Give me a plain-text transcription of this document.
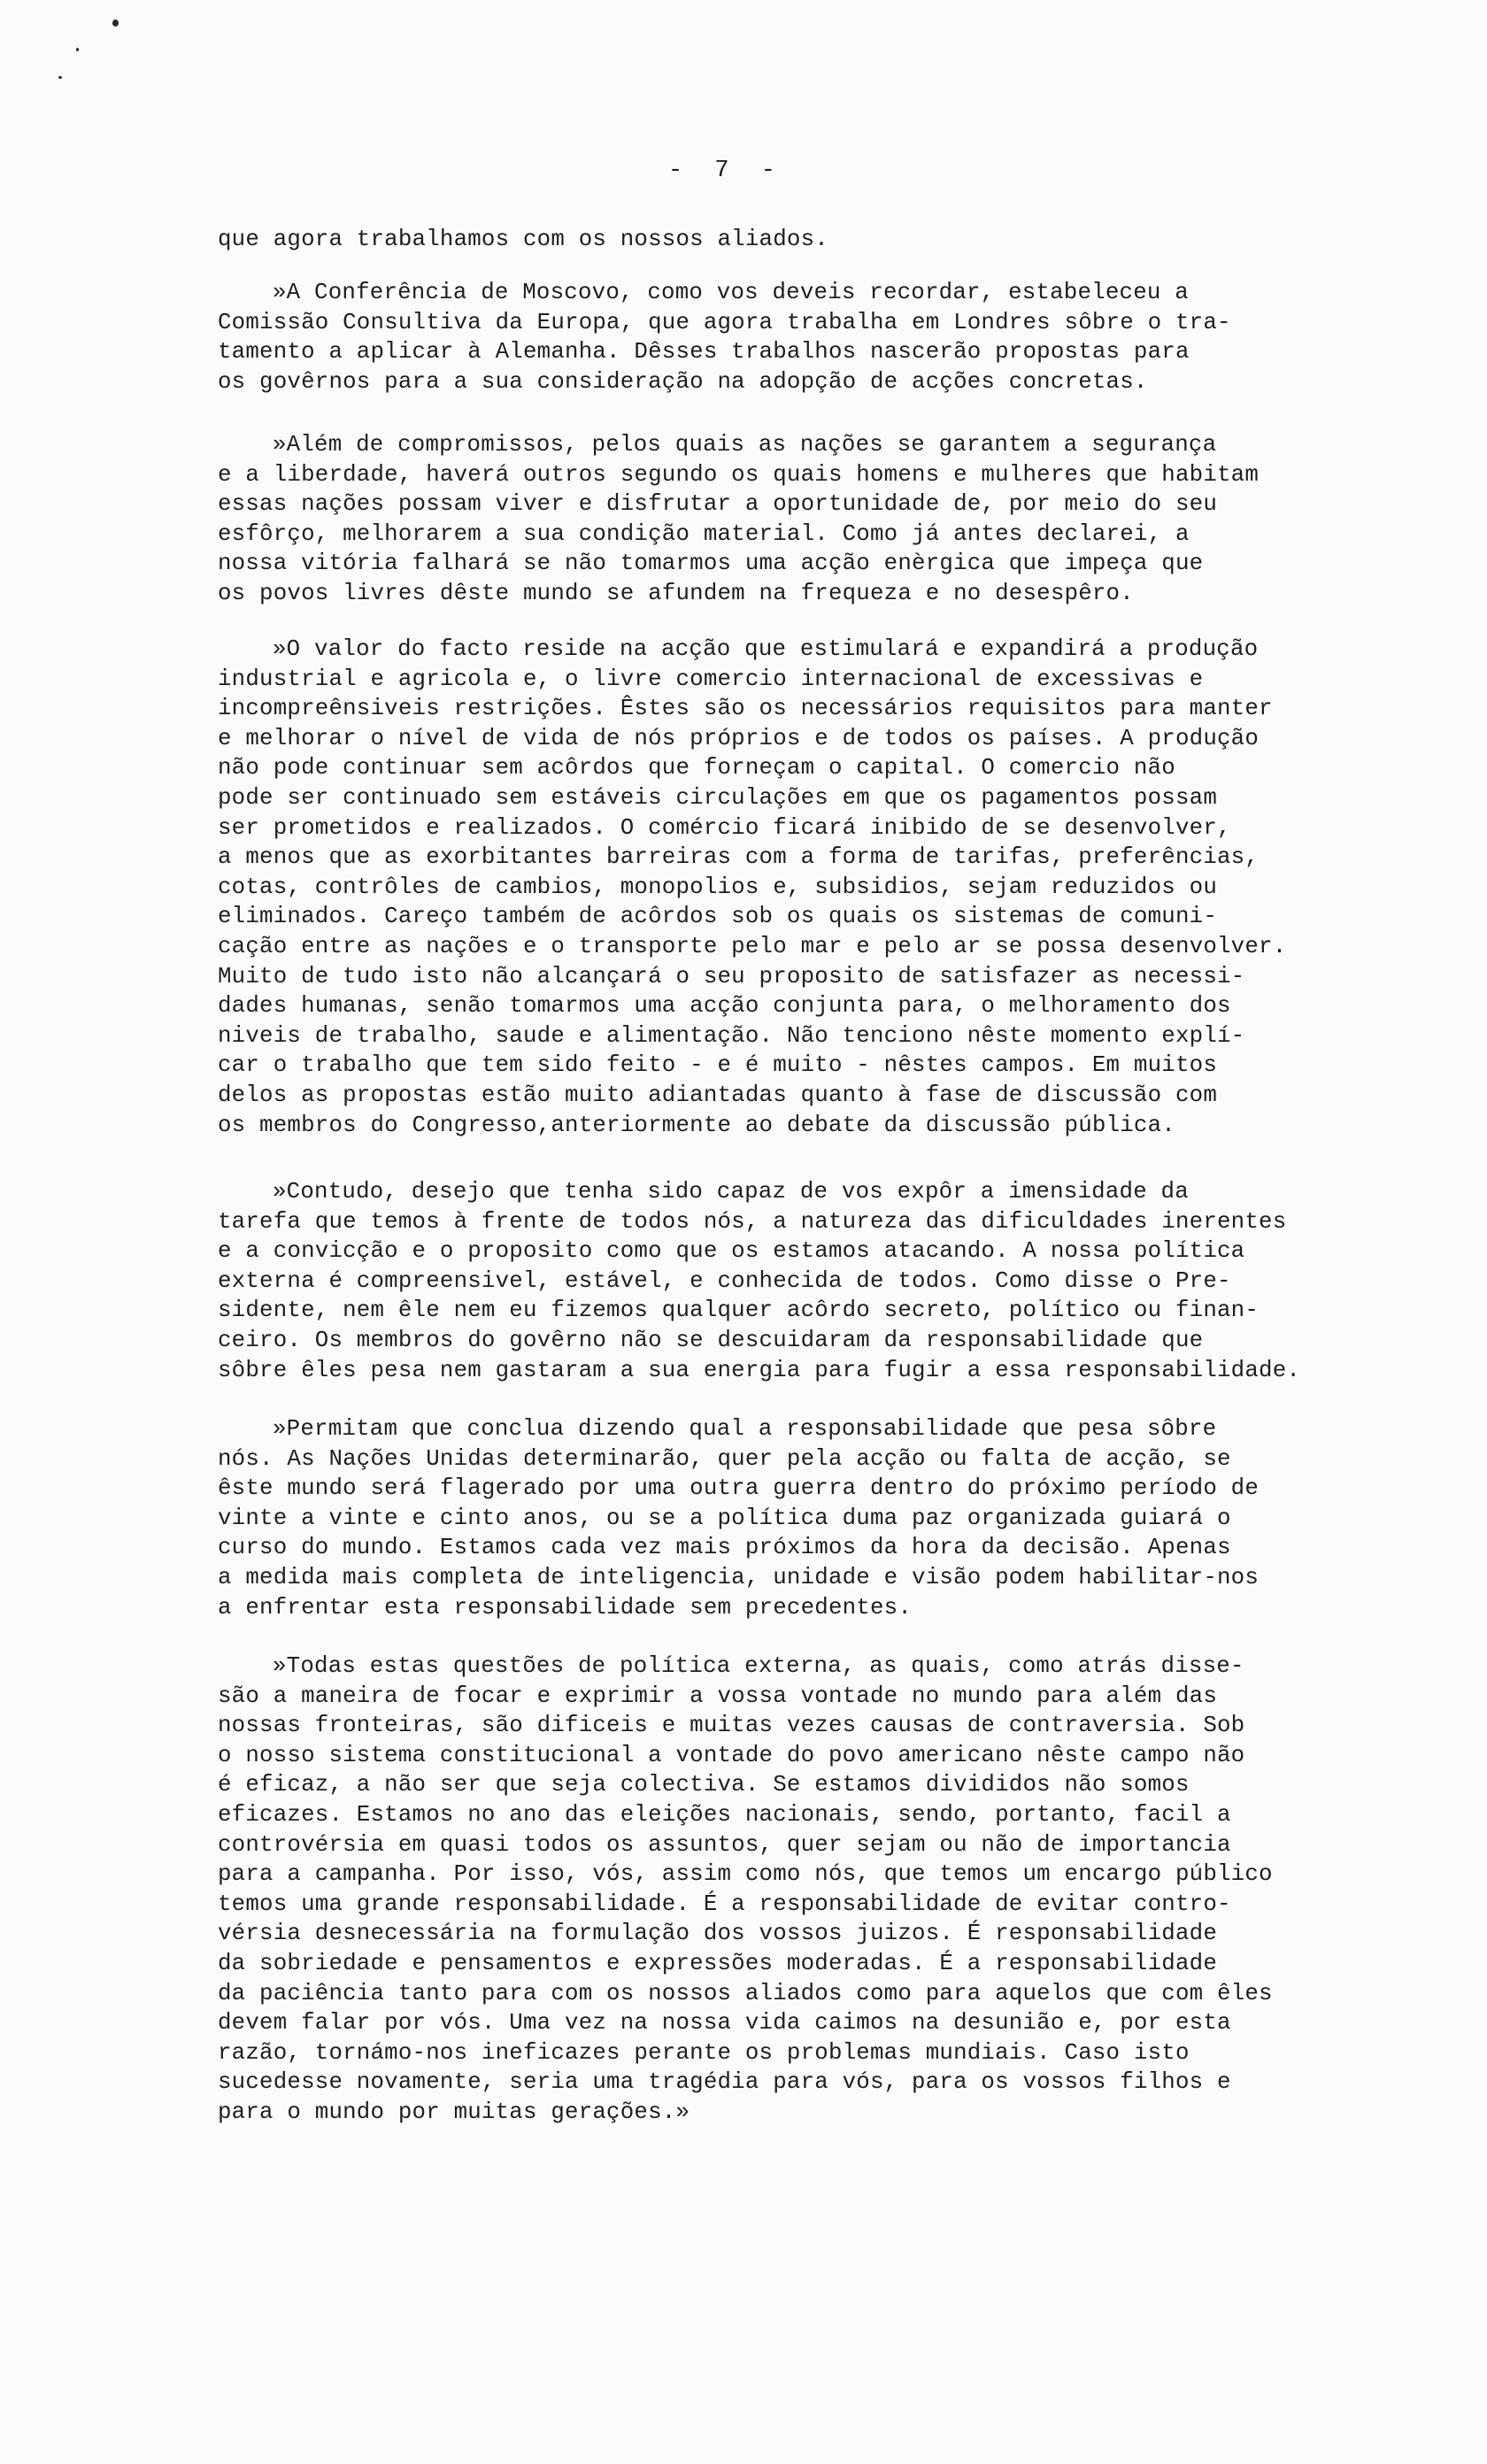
- 7 -
que agora trabalhamos com os nossos aliados.
»A Conferência de Moscovo, como vos deveis recordar, estabeleceu a
Comissão Consultiva da Europa, que agora trabalha em Londres sôbre o tra-
tamento a aplicar à Alemanha. Dêsses trabalhos nascerão propostas para
os govêrnos para a sua consideração na adopção de acções concretas.
»Além de compromissos, pelos quais as nações se garantem a segurança
e a liberdade, haverá outros segundo os quais homens e mulheres que habitam
essas nações possam viver e disfrutar a oportunidade de, por meio do seu
esfôrço, melhorarem a sua condição material. Como já antes declarei, a
nossa vitória falhará se não tomarmos uma acção enèrgica que impeça que
os povos livres dêste mundo se afundem na frequeza e no desespêro.
»O valor do facto reside na acção que estimulará e expandirá a produção
industrial e agricola e, o livre comercio internacional de excessivas e
incompreênsiveis restrições. Êstes são os necessários requisitos para manter
e melhorar o nível de vida de nós próprios e de todos os países. A produção
não pode continuar sem acôrdos que forneçam o capital. O comercio não
pode ser continuado sem estáveis circulações em que os pagamentos possam
ser prometidos e realizados. O comércio ficará inibido de se desenvolver,
a menos que as exorbitantes barreiras com a forma de tarifas, preferências,
cotas, contrôles de cambios, monopolios e, subsidios, sejam reduzidos ou
eliminados. Careço também de acôrdos sob os quais os sistemas de comuni-
cação entre as nações e o transporte pelo mar e pelo ar se possa desenvolver.
Muito de tudo isto não alcançará o seu proposito de satisfazer as necessi-
dades humanas, senão tomarmos uma acção conjunta para, o melhoramento dos
niveis de trabalho, saude e alimentação. Não tenciono nêste momento explí-
car o trabalho que tem sido feito - e é muito - nêstes campos. Em muitos
delos as propostas estão muito adiantadas quanto à fase de discussão com
os membros do Congresso,anteriormente ao debate da discussão pública.
»Contudo, desejo que tenha sido capaz de vos expôr a imensidade da
tarefa que temos à frente de todos nós, a natureza das dificuldades inerentes
e a convicção e o proposito como que os estamos atacando. A nossa política
externa é compreensivel, estável, e conhecida de todos. Como disse o Pre-
sidente, nem êle nem eu fizemos qualquer acôrdo secreto, político ou finan-
ceiro. Os membros do govêrno não se descuidaram da responsabilidade que
sôbre êles pesa nem gastaram a sua energia para fugir a essa responsabilidade.
»Permitam que conclua dizendo qual a responsabilidade que pesa sôbre
nós. As Nações Unidas determinarão, quer pela acção ou falta de acção, se
êste mundo será flagerado por uma outra guerra dentro do próximo período de
vinte a vinte e cinto anos, ou se a política duma paz organizada guiará o
curso do mundo. Estamos cada vez mais próximos da hora da decisão. Apenas
a medida mais completa de inteligencia, unidade e visão podem habilitar-nos
a enfrentar esta responsabilidade sem precedentes.
»Todas estas questões de política externa, as quais, como atrás disse-
são a maneira de focar e exprimir a vossa vontade no mundo para além das
nossas fronteiras, são dificeis e muitas vezes causas de contraversia. Sob
o nosso sistema constitucional a vontade do povo americano nêste campo não
é eficaz, a não ser que seja colectiva. Se estamos divididos não somos
eficazes. Estamos no ano das eleições nacionais, sendo, portanto, facil a
controvérsia em quasi todos os assuntos, quer sejam ou não de importancia
para a campanha. Por isso, vós, assim como nós, que temos um encargo público
temos uma grande responsabilidade. É a responsabilidade de evitar contro-
vérsia desnecessária na formulação dos vossos juizos. É responsabilidade
da sobriedade e pensamentos e expressões moderadas. É a responsabilidade
da paciência tanto para com os nossos aliados como para aquelos que com êles
devem falar por vós. Uma vez na nossa vida caimos na desunião e, por esta
razão, tornámo-nos ineficazes perante os problemas mundiais. Caso isto
sucedesse novamente, seria uma tragédia para vós, para os vossos filhos e
para o mundo por muitas gerações.»
